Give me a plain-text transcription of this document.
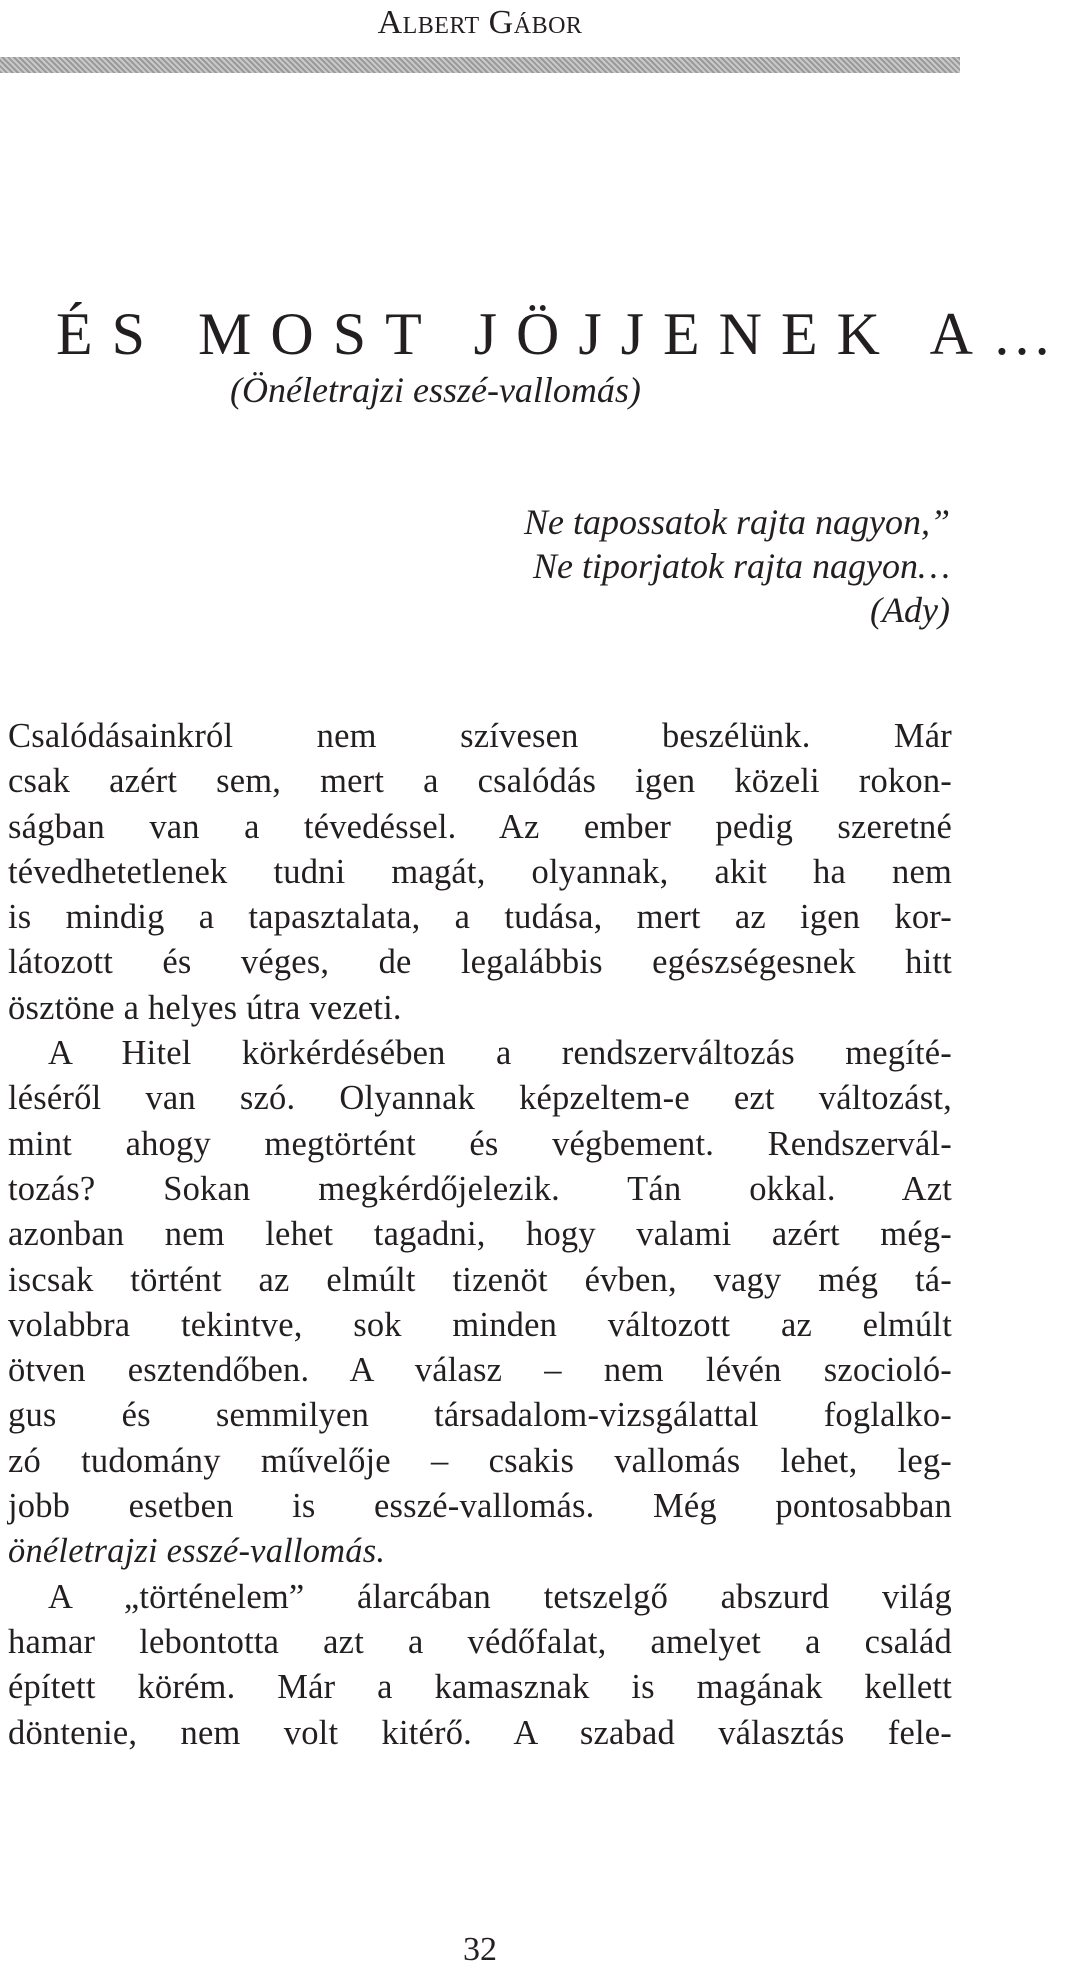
Albert Gábor
ÉS MOST JÖJJENEK A…
(Önéletrajzi esszé-vallomás)
Ne tapossatok rajta nagyon,”
Ne tiporjatok rajta nagyon…
(Ady)
Csalódásainkról nem szívesen beszélünk. Már
csak azért sem, mert a csalódás igen közeli rokon-
ságban van a tévedéssel. Az ember pedig szeretné
tévedhetetlenek tudni magát, olyannak, akit ha nem
is mindig a tapasztalata, a tudása, mert az igen kor-
látozott és véges, de legalábbis egészségesnek hitt
ösztöne a helyes útra vezeti.
A Hitel körkérdésében a rendszerváltozás megíté-
léséről van szó. Olyannak képzeltem-e ezt változást,
mint ahogy megtörtént és végbement. Rendszervál-
tozás? Sokan megkérdőjelezik. Tán okkal. Azt
azonban nem lehet tagadni, hogy valami azért még-
iscsak történt az elmúlt tizenöt évben, vagy még tá-
volabbra tekintve, sok minden változott az elmúlt
ötven esztendőben. A válasz – nem lévén szocioló-
gus és semmilyen társadalom-vizsgálattal foglalko-
zó tudomány művelője – csakis vallomás lehet, leg-
jobb esetben is esszé-vallomás. Még pontosabban
önéletrajzi esszé-vallomás.
A „történelem” álarcában tetszelgő abszurd világ
hamar lebontotta azt a védőfalat, amelyet a család
épített körém. Már a kamasznak is magának kellett
döntenie, nem volt kitérő. A szabad választás fele-
32
